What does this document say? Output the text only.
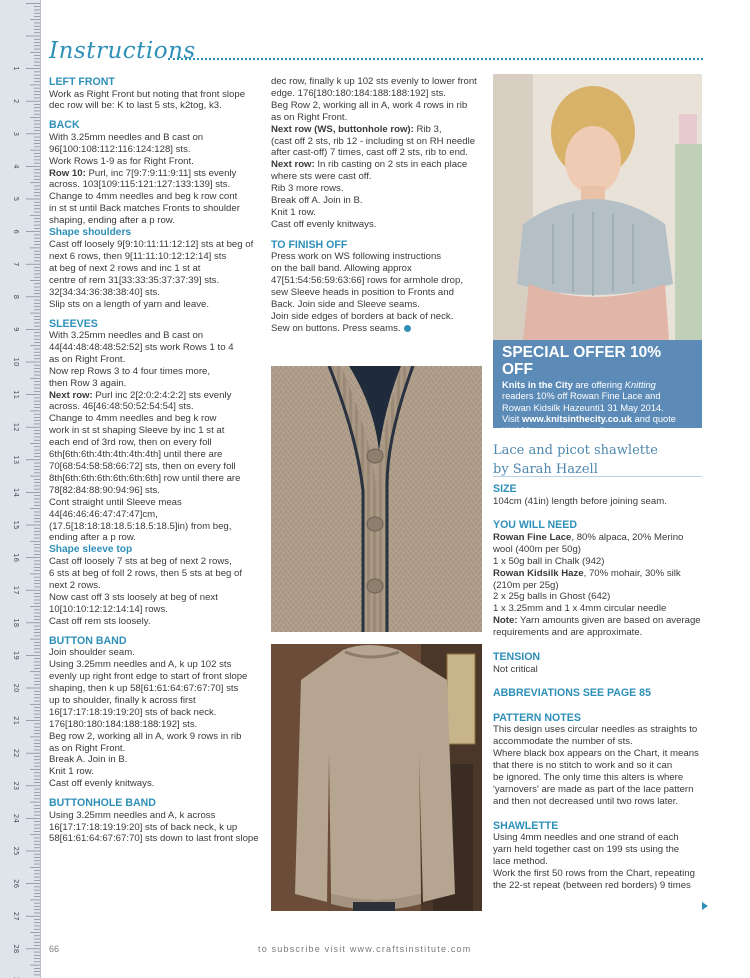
1
2
3
4
5
6
7
8
9
10
11
12
13
14
15
16
17
18
19
20
21
22
23
24
25
26
27
28
Instructions

LEFT FRONT

Work as Right Front but noting that front slope

dec row will be: K to last 5 sts, k2tog, k3.

BACK

With 3.25mm needles and B cast on

96[100:108:112:116:124:128] sts.

Work Rows 1-9 as for Right Front.

Row 10: Purl, inc 7[9:7:9:11:9:11] sts evenly

across. 103[109:115:121:127:133:139] sts.

Change to 4mm needles and beg k row cont

in st st until Back matches Fronts to shoulder

shaping, ending after a p row.

Shape shoulders

Cast off loosely 9[9:10:11:11:12:12] sts at beg of

next 6 rows, then 9[11:11:10:12:12:14] sts

at beg of next 2 rows and inc 1 st at

centre of rem 31[33:33:35:37:37:39] sts.

32[34:34:36:38:38:40] sts.

Slip sts on a length of yarn and leave.

SLEEVES

With 3.25mm needles and B cast on

44[44:48:48:48:52:52] sts work Rows 1 to 4

as on Right Front.

Now rep Rows 3 to 4 four times more,

then Row 3 again.

Next row: Purl inc 2[2:0:2:4:2:2] sts evenly

across. 46[46:48:50:52:54:54] sts.

Change to 4mm needles and beg k row

work in st st shaping Sleeve by inc 1 st at

each end of 3rd row, then on every foll

6th[6th:6th:4th:4th:4th:4th] until there are

70[68:54:58:58:66:72] sts, then on every foll

8th[6th:6th:6th:6th:6th:6th] row until there are

78[82:84:88:90:94:96] sts.

Cont straight until Sleeve meas

44[46:46:46:47:47:47]cm,

(17.5[18:18:18:18.5:18.5:18.5]in) from beg,

ending after a p row.

Shape sleeve top

Cast off loosely 7 sts at beg of next 2 rows,

6 sts at beg of foll 2 rows, then 5 sts at beg of

next 2 rows.

Now cast off 3 sts loosely at beg of next

10[10:10:12:12:14:14] rows.

Cast off rem sts loosely.

BUTTON BAND

Join shoulder seam.

Using 3.25mm needles and A, k up 102 sts

evenly up right front edge to start of front slope

shaping, then k up 58[61:61:64:67:67:70] sts

up to shoulder, finally k across first

16[17:17:18:19:19:20] sts of back neck.

176[180:180:184:188:188:192] sts.

Beg row 2, working all in A, work 9 rows in rib

as on Right Front.

Break A. Join in B.

Knit 1 row.

Cast off evenly knitways.

BUTTONHOLE BAND

Using 3.25mm needles and A, k across

16[17:17:18:19:19:20] sts of back neck, k up

58[61:61:64:67:67:70] sts down to last front slope

dec row, finally k up 102 sts evenly to lower front

edge. 176[180:180:184:188:188:192] sts.

Beg Row 2, working all in A, work 4 rows in rib

as on Right Front.

Next row (WS, buttonhole row): Rib 3,

(cast off 2 sts, rib 12 - including st on RH needle

after cast-off) 7 times, cast off 2 sts, rib to end.

Next row: In rib casting on 2 sts in each place

where sts were cast off.

Rib 3 more rows.

Break off A. Join in B.

Knit 1 row.

Cast off evenly knitways.

TO FINISH OFF

Press work on WS following instructions

on the ball band. Allowing approx

47[51:54:56:59:63:66] rows for armhole drop,

sew Sleeve heads in position to Fronts and

Back. Join side and Sleeve seams.

Join side edges of borders at back of neck.

Sew on buttons. Press seams.

SPECIAL OFFER 10% OFF

Knits in the City are offering Knitting

readers 10% off Rowan Fine Lace and

Rowan Kidsilk Hazeunti1 31 May 2014.

Visit www.knitsinthecity.co.uk and quote

KN128 to receive your discount.

Lace and picot shawlette
by Sarah Hazell

SIZE

104cm (41in) length before joining seam.

YOU WILL NEED

Rowan Fine Lace, 80% alpaca, 20% Merino

wool (400m per 50g)

1 x 50g ball in Chalk (942)

Rowan Kidsilk Haze, 70% mohair, 30% silk

(210m per 25g)

2 x 25g balls in Ghost (642)

1 x 3.25mm and 1 x 4mm circular needle

Note: Yarn amounts given are based on average

requirements and are approximate.

TENSION

Not critical

ABBREVIATIONS SEE PAGE 85

PATTERN NOTES

This design uses circular needles as straights to

accommodate the number of sts.

Where black box appears on the Chart, it means

that there is no stitch to work and so it can

be ignored. The only time this alters is where

'yarnovers' are made as part of the lace pattern

and then not decreased until two rows later.

SHAWLETTE

Using 4mm needles and one strand of each

yarn held together cast on 199 sts using the

lace method.

Work the first 50 rows from the Chart, repeating

the 22-st repeat (between red borders) 9 times

66	to subscribe visit www.craftsinstitute.com
